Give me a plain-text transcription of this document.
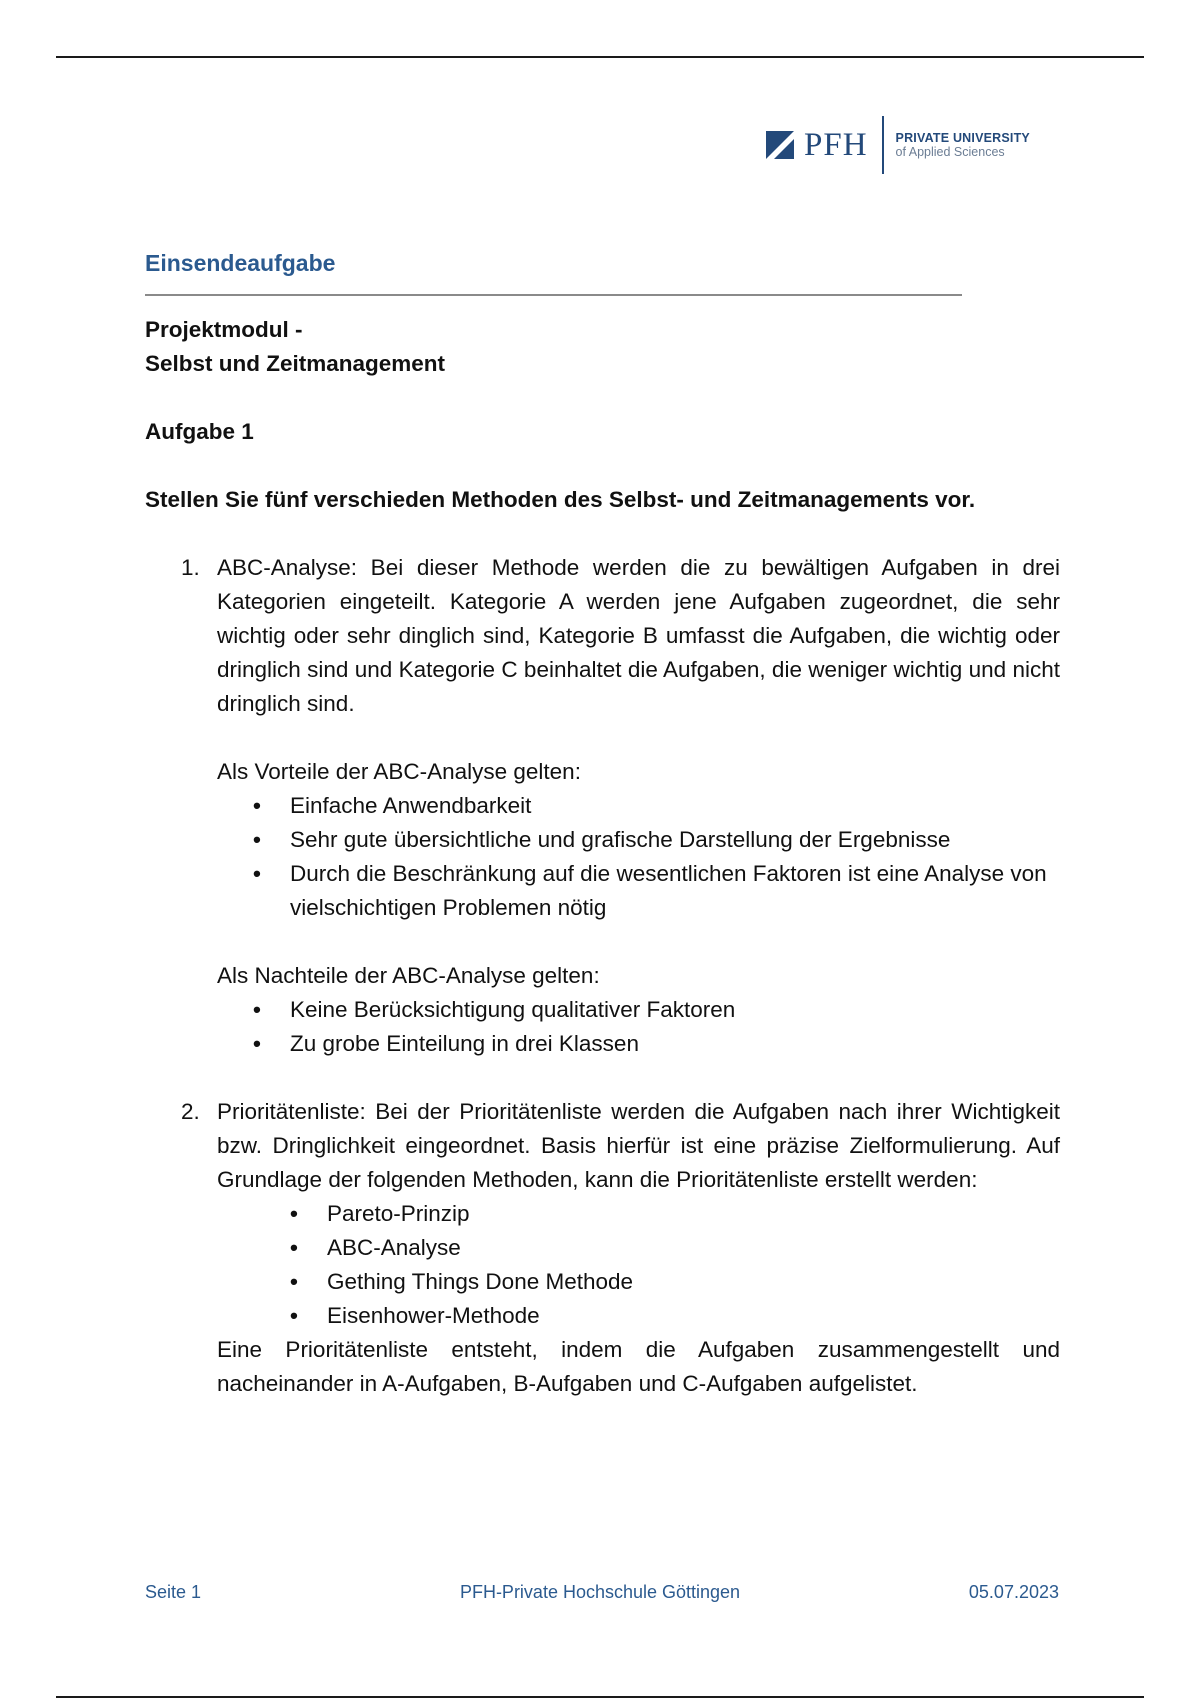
PFH PRIVATE UNIVERSITY
of Applied Sciences
Einsendeaufgabe
Projektmodul -
Selbst und Zeitmanagement
Aufgabe 1
Stellen Sie fünf verschieden Methoden des Selbst- und Zeitmanagements vor.
1. ABC-Analyse: Bei dieser Methode werden die zu bewältigen Aufgaben in drei Kategorien eingeteilt. Kategorie A werden jene Aufgaben zugeordnet, die sehr wichtig oder sehr dinglich sind, Kategorie B umfasst die Aufgaben, die wichtig oder dringlich sind und Kategorie C beinhaltet die Aufgaben, die weniger wichtig und nicht dringlich sind.
Als Vorteile der ABC-Analyse gelten:
• Einfache Anwendbarkeit
• Sehr gute übersichtliche und grafische Darstellung der Ergebnisse
• Durch die Beschränkung auf die wesentlichen Faktoren ist eine Analyse von vielschichtigen Problemen nötig
Als Nachteile der ABC-Analyse gelten:
• Keine Berücksichtigung qualitativer Faktoren
• Zu grobe Einteilung in drei Klassen
2. Prioritätenliste: Bei der Prioritätenliste werden die Aufgaben nach ihrer Wichtigkeit bzw. Dringlichkeit eingeordnet. Basis hierfür ist eine präzise Zielformulierung. Auf Grundlage der folgenden Methoden, kann die Prioritätenliste erstellt werden:
• Pareto-Prinzip
• ABC-Analyse
• Gething Things Done Methode
• Eisenhower-Methode
Eine Prioritätenliste entsteht, indem die Aufgaben zusammengestellt und nacheinander in A-Aufgaben, B-Aufgaben und C-Aufgaben aufgelistet.
Seite 1	PFH-Private Hochschule Göttingen	05.07.2023
